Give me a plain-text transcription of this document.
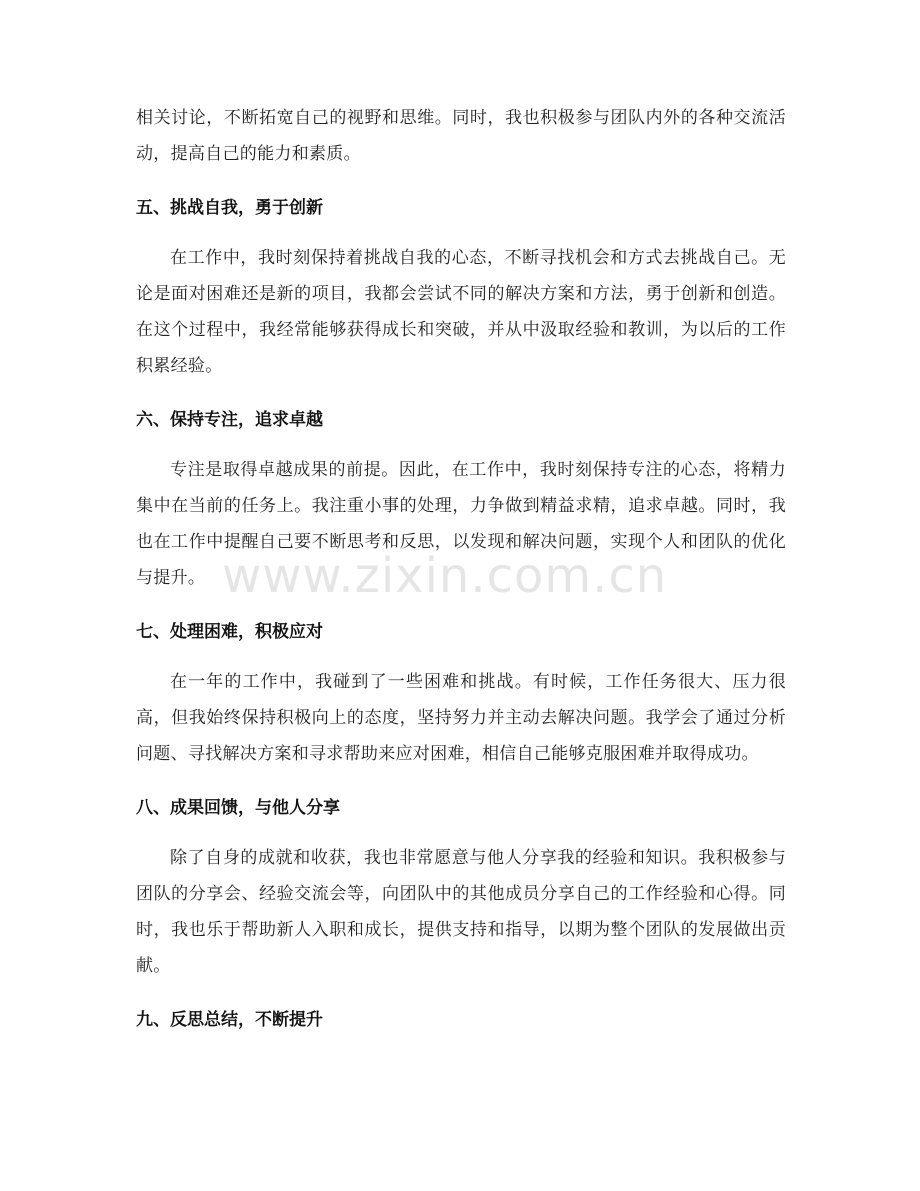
相关讨论，不断拓宽自己的视野和思维。同时，我也积极参与团队内外的各种交流活动，提高自己的能力和素质。

五、挑战自我，勇于创新

在工作中，我时刻保持着挑战自我的心态，不断寻找机会和方式去挑战自己。无论是面对困难还是新的项目，我都会尝试不同的解决方案和方法，勇于创新和创造。在这个过程中，我经常能够获得成长和突破，并从中汲取经验和教训，为以后的工作积累经验。

六、保持专注，追求卓越

专注是取得卓越成果的前提。因此，在工作中，我时刻保持专注的心态，将精力集中在当前的任务上。我注重小事的处理，力争做到精益求精，追求卓越。同时，我也在工作中提醒自己要不断思考和反思，以发现和解决问题，实现个人和团队的优化与提升。

七、处理困难，积极应对

在一年的工作中，我碰到了一些困难和挑战。有时候，工作任务很大、压力很高，但我始终保持积极向上的态度，坚持努力并主动去解决问题。我学会了通过分析问题、寻找解决方案和寻求帮助来应对困难，相信自己能够克服困难并取得成功。

八、成果回馈，与他人分享

除了自身的成就和收获，我也非常愿意与他人分享我的经验和知识。我积极参与团队的分享会、经验交流会等，向团队中的其他成员分享自己的工作经验和心得。同时，我也乐于帮助新人入职和成长，提供支持和指导，以期为整个团队的发展做出贡献。

九、反思总结，不断提升
www.zixin.com.cn
